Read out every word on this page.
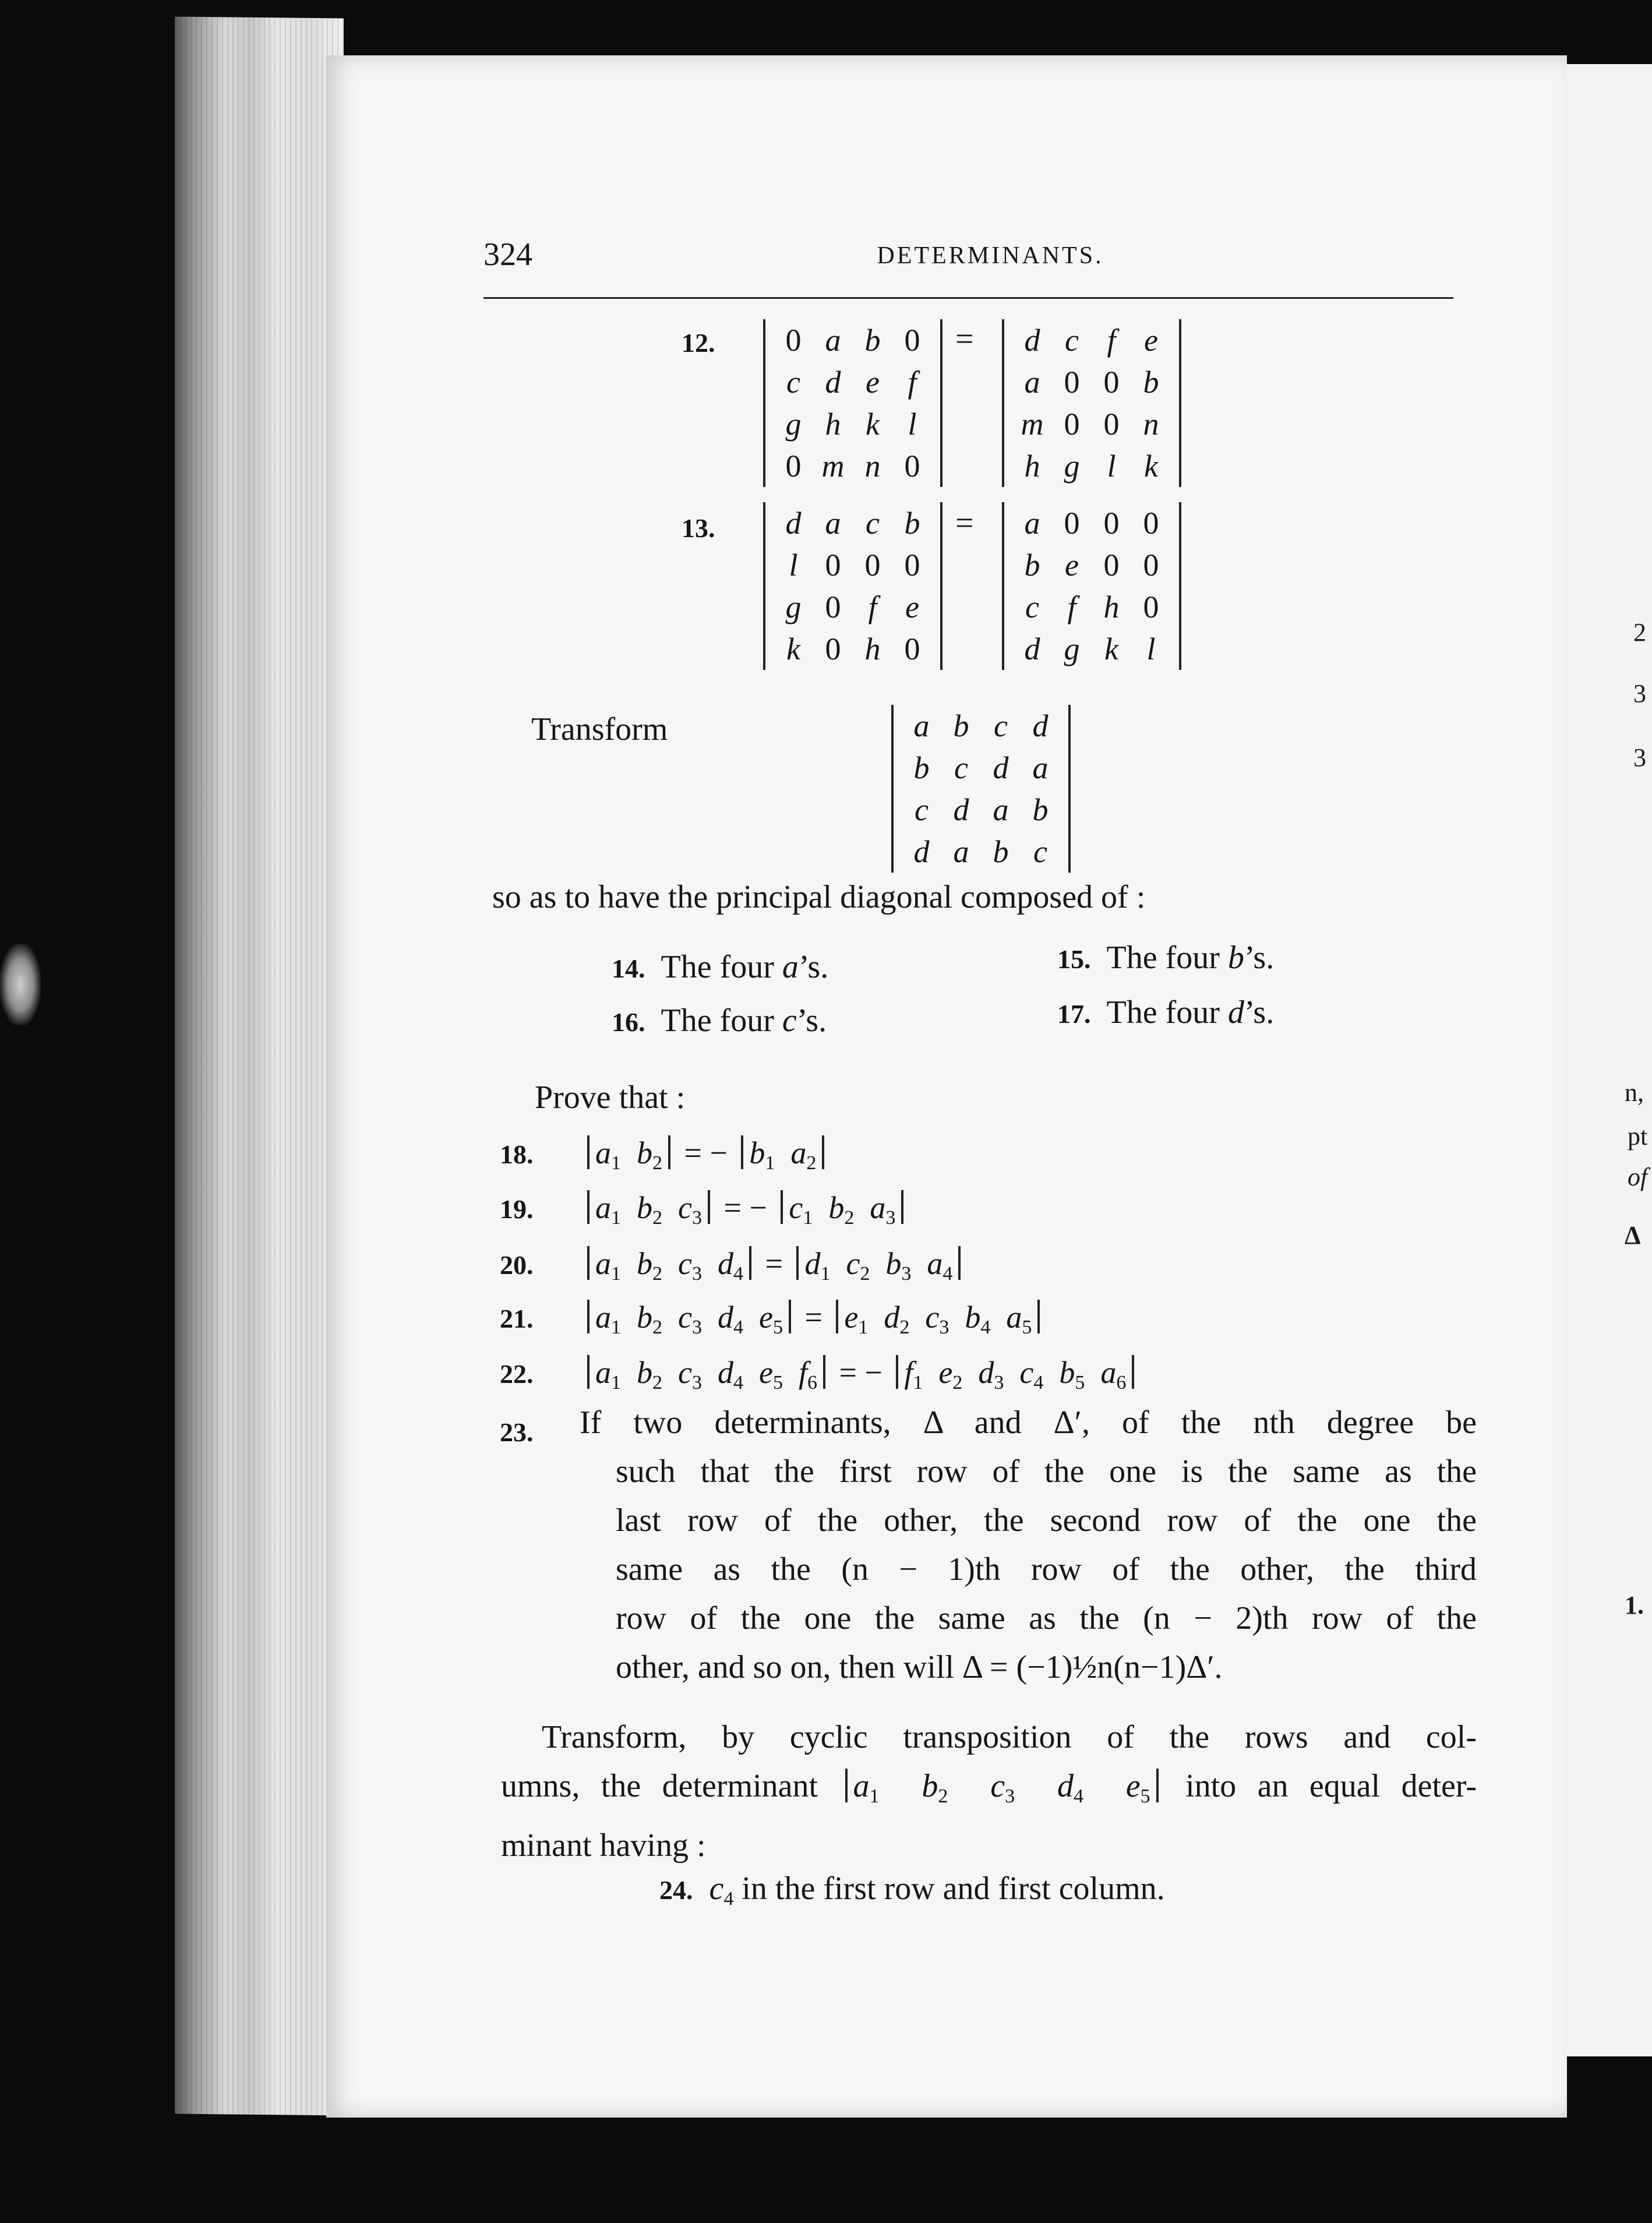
2
3
3
n,
pt
of
Δ
1.
324	DETERMINANTS.
12. 0	a	b	0
c	d	e	f
g	h	k	l
0	m	n	0
= d	c	f	e
a	0	0	b
m	0	0	n
h	g	l	k
13. d	a	c	b
l	0	0	0
g	0	f	e
k	0	h	0
= a	0	0	0
b	e	0	0
c	f	h	0
d	g	k	l
Transform	a	b	c	d
b	c	d	a
c	d	a	b
d	a	b	c
so as to have the principal diagonal composed of :
14. The four a’s.	15. The four b’s.
16. The four c’s.	17. The four d’s.
Prove that :
18. a1 b2 = − b1 a2
19. a1 b2 c3 = − c1 b2 a3
20. a1 b2 c3 d4 = d1 c2 b3 a4
21. a1 b2 c3 d4 e5 = e1 d2 c3 b4 a5
22. a1 b2 c3 d4 e5 f6 = − f1 e2 d3 c4 b5 a6
23. If two determinants, Δ and Δ′, of the nth degree be
such that the first row of the one is the same as the
last row of the other, the second row of the one the
same as the (n − 1)th row of the other, the third
row of the one the same as the (n − 2)th row of the
other, and so on, then will Δ = (−1)½n(n−1)Δ′.
Transform, by cyclic transposition of the rows and col-
umns, the determinant a1 b2 c3 d4 e5 into an equal deter-
minant having :
24. c4 in the first row and first column.
